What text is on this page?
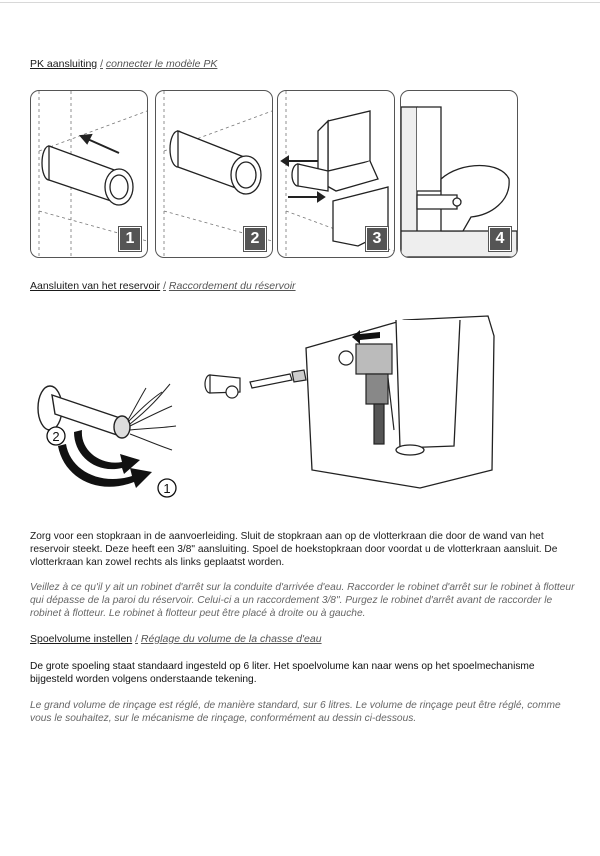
PK aansluiting / connecter le modèle PK
1	2	3	4
Aansluiten van het reservoir / Raccordement du réservoir
2
1
Zorg voor een stopkraan in de aanvoerleiding. Sluit de stopkraan aan op de vlotterkraan die door de wand van het reservoir steekt. Deze heeft een 3/8" aansluiting. Spoel de hoekstopkraan door voordat u de vlotterkraan aansluit. De vlotterkraan kan zowel rechts als links geplaatst worden.
Veillez à ce qu'il y ait un robinet d'arrêt sur la conduite d'arrivée d'eau. Raccorder le robinet d'arrêt sur le robinet à flotteur qui dépasse de la paroi du réservoir. Celui-ci a un raccordement 3/8". Purgez le robinet d'arrêt avant de raccorder le robinet à flotteur. Le robinet à flotteur peut être placé à droite ou à gauche.
Spoelvolume instellen / Réglage du volume de la chasse d'eau
De grote spoeling staat standaard ingesteld op 6 liter. Het spoelvolume kan naar wens op het spoelmechanisme bijgesteld worden volgens onderstaande tekening.
Le grand volume de rinçage est réglé, de manière standard, sur 6 litres. Le volume de rinçage peut être réglé, comme vous le souhaitez, sur le mécanisme de rinçage, conformément au dessin ci-dessous.
